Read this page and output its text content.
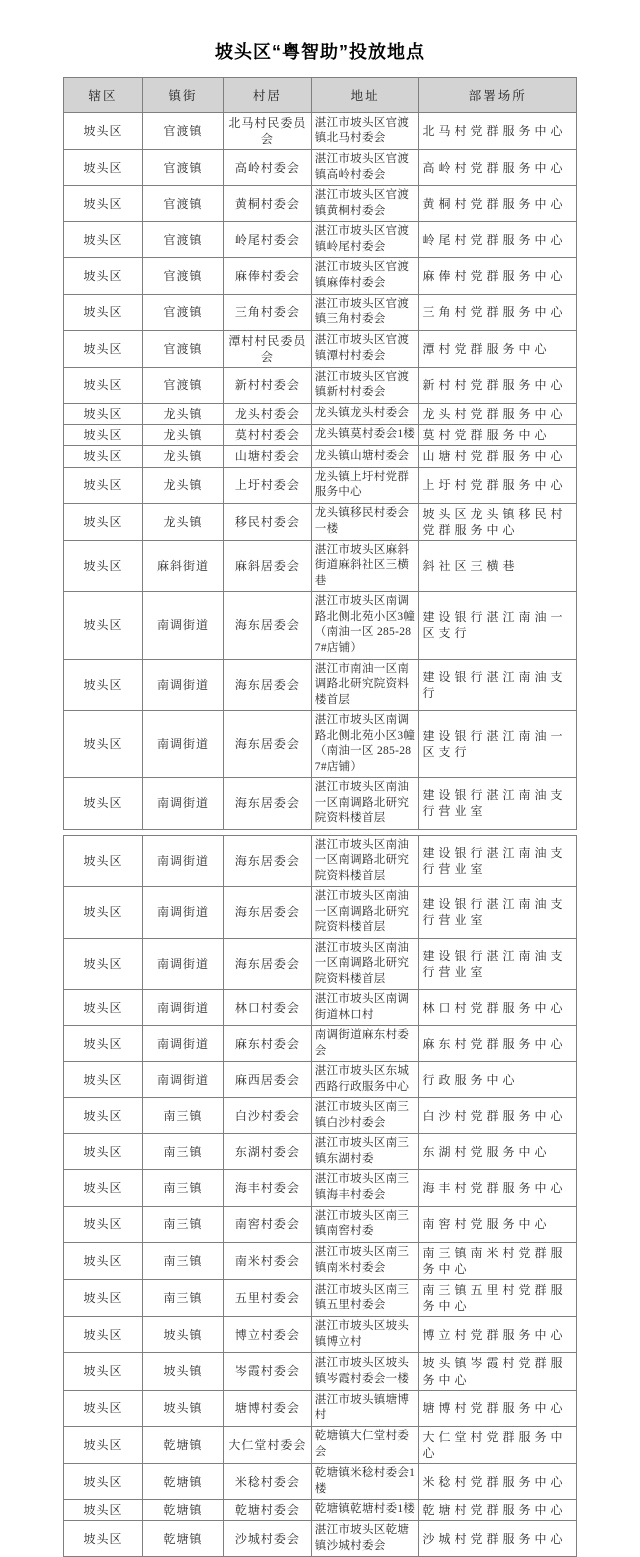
坡头区“粤智助”投放地点
辖区	镇街	村居	地址	部署场所
坡头区	官渡镇	北马村民委员会	湛江市坡头区官渡镇北马村委会	北马村党群服务中心
坡头区	官渡镇	高岭村委会	湛江市坡头区官渡镇高岭村委会	高岭村党群服务中心
坡头区	官渡镇	黄桐村委会	湛江市坡头区官渡镇黄桐村委会	黄桐村党群服务中心
坡头区	官渡镇	岭尾村委会	湛江市坡头区官渡镇岭尾村委会	岭尾村党群服务中心
坡头区	官渡镇	麻俸村委会	湛江市坡头区官渡镇麻俸村委会	麻俸村党群服务中心
坡头区	官渡镇	三角村委会	湛江市坡头区官渡镇三角村委会	三角村党群服务中心
坡头区	官渡镇	潭村村民委员会	湛江市坡头区官渡镇潭村村委会	潭村党群服务中心
坡头区	官渡镇	新村村委会	湛江市坡头区官渡镇新村村委会	新村村党群服务中心
坡头区	龙头镇	龙头村委会	龙头镇龙头村委会	龙头村党群服务中心
坡头区	龙头镇	莫村村委会	龙头镇莫村委会1楼	莫村党群服务中心
坡头区	龙头镇	山塘村委会	龙头镇山塘村委会	山塘村党群服务中心
坡头区	龙头镇	上圩村委会	龙头镇上圩村党群服务中心	上圩村党群服务中心
坡头区	龙头镇	移民村委会	龙头镇移民村委会一楼	坡头区龙头镇移民村党群服务中心
坡头区	麻斜街道	麻斜居委会	湛江市坡头区麻斜街道麻斜社区三横巷	斜社区三横巷
坡头区	南调街道	海东居委会	湛江市坡头区南调路北侧北苑小区3幢（南油一区 285-287#店铺）	建设银行湛江南油一区支行
坡头区	南调街道	海东居委会	湛江市南油一区南调路北研究院资料楼首层	建设银行湛江南油支行
坡头区	南调街道	海东居委会	湛江市坡头区南调路北侧北苑小区3幢（南油一区 285-287#店铺）	建设银行湛江南油一区支行
坡头区	南调街道	海东居委会	湛江市坡头区南油一区南调路北研究院资料楼首层	建设银行湛江南油支行营业室
坡头区	南调街道	海东居委会	湛江市坡头区南油一区南调路北研究院资料楼首层	建设银行湛江南油支行营业室
坡头区	南调街道	海东居委会	湛江市坡头区南油一区南调路北研究院资料楼首层	建设银行湛江南油支行营业室
坡头区	南调街道	海东居委会	湛江市坡头区南油一区南调路北研究院资料楼首层	建设银行湛江南油支行营业室
坡头区	南调街道	林口村委会	湛江市坡头区南调街道林口村	林口村党群服务中心
坡头区	南调街道	麻东村委会	南调街道麻东村委会	麻东村党群服务中心
坡头区	南调街道	麻西居委会	湛江市坡头区东城西路行政服务中心	行政服务中心
坡头区	南三镇	白沙村委会	湛江市坡头区南三镇白沙村委会	白沙村党群服务中心
坡头区	南三镇	东湖村委会	湛江市坡头区南三镇东湖村委	东湖村党服务中心
坡头区	南三镇	海丰村委会	湛江市坡头区南三镇海丰村委会	海丰村党群服务中心
坡头区	南三镇	南窖村委会	湛江市坡头区南三镇南窖村委	南窖村党服务中心
坡头区	南三镇	南米村委会	湛江市坡头区南三镇南米村委会	南三镇南米村党群服务中心
坡头区	南三镇	五里村委会	湛江市坡头区南三镇五里村委会	南三镇五里村党群服务中心
坡头区	坡头镇	博立村委会	湛江市坡头区坡头镇博立村	博立村党群服务中心
坡头区	坡头镇	岑霞村委会	湛江市坡头区坡头镇岑霞村委会一楼	坡头镇岑霞村党群服务中心
坡头区	坡头镇	塘博村委会	湛江市坡头镇塘博村	塘博村党群服务中心
坡头区	乾塘镇	大仁堂村委会	乾塘镇大仁堂村委会	大仁堂村党群服务中心
坡头区	乾塘镇	米稔村委会	乾塘镇米稔村委会1楼	米稔村党群服务中心
坡头区	乾塘镇	乾塘村委会	乾塘镇乾塘村委1楼	乾塘村党群服务中心
坡头区	乾塘镇	沙城村委会	湛江市坡头区乾塘镇沙城村委会	沙城村党群服务中心
